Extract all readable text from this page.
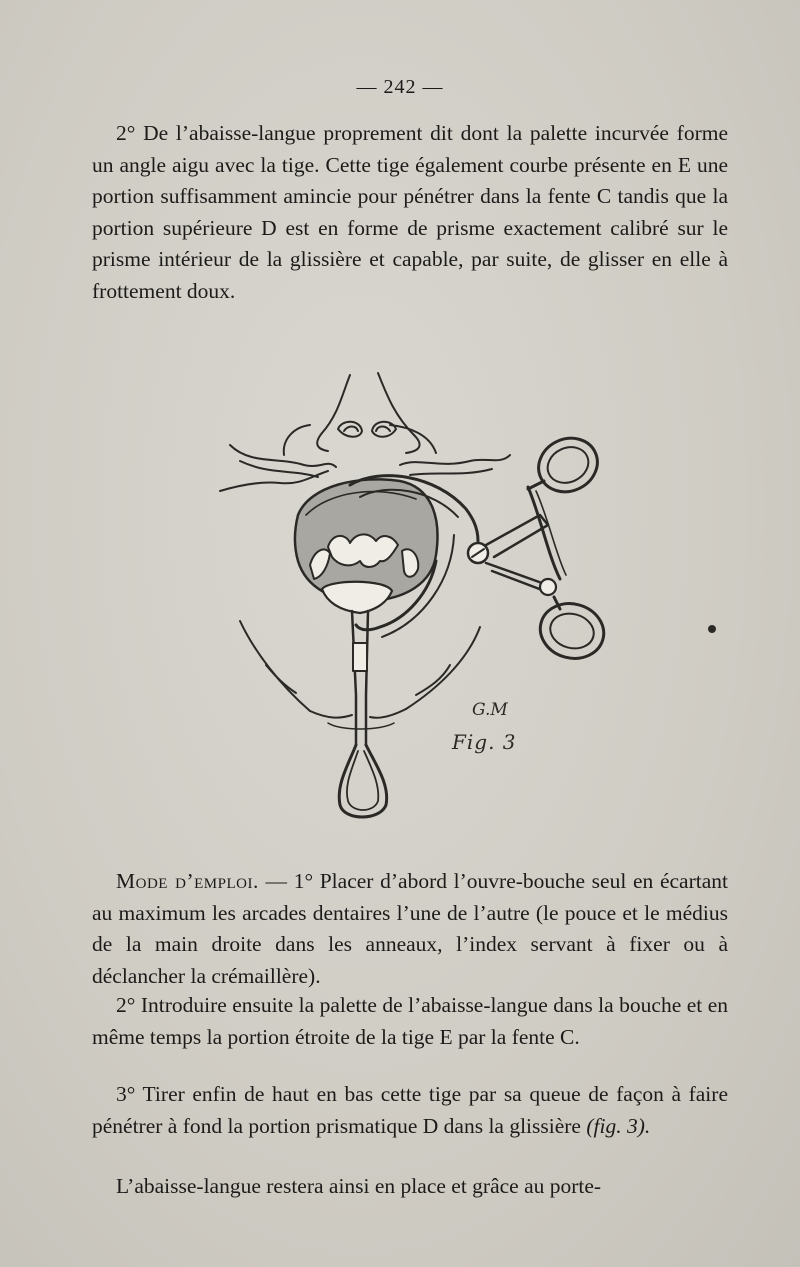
— 242 —

2° De l’abaisse-langue proprement dit dont la palette incurvée forme un angle aigu avec la tige. Cette tige également courbe présente en E une portion suffisamment amincie pour pénétrer dans la fente C tandis que la portion supérieure D est en forme de prisme exactement calibré sur le prisme intérieur de la glissière et capable, par suite, de glisser en elle à frottement doux.

G.M
Fig. 3

Mode d’emploi. — 1° Placer d’abord l’ouvre-bouche seul en écartant au maximum les arcades dentaires l’une de l’autre (le pouce et le médius de la main droite dans les anneaux, l’index servant à fixer ou à déclancher la crémaillère).

2° Introduire ensuite la palette de l’abaisse-langue dans la bouche et en même temps la portion étroite de la tige E par la fente C.

3° Tirer enfin de haut en bas cette tige par sa queue de façon à faire pénétrer à fond la portion prismatique D dans la glissière (fig. 3).

L’abaisse-langue restera ainsi en place et grâce au porte-
